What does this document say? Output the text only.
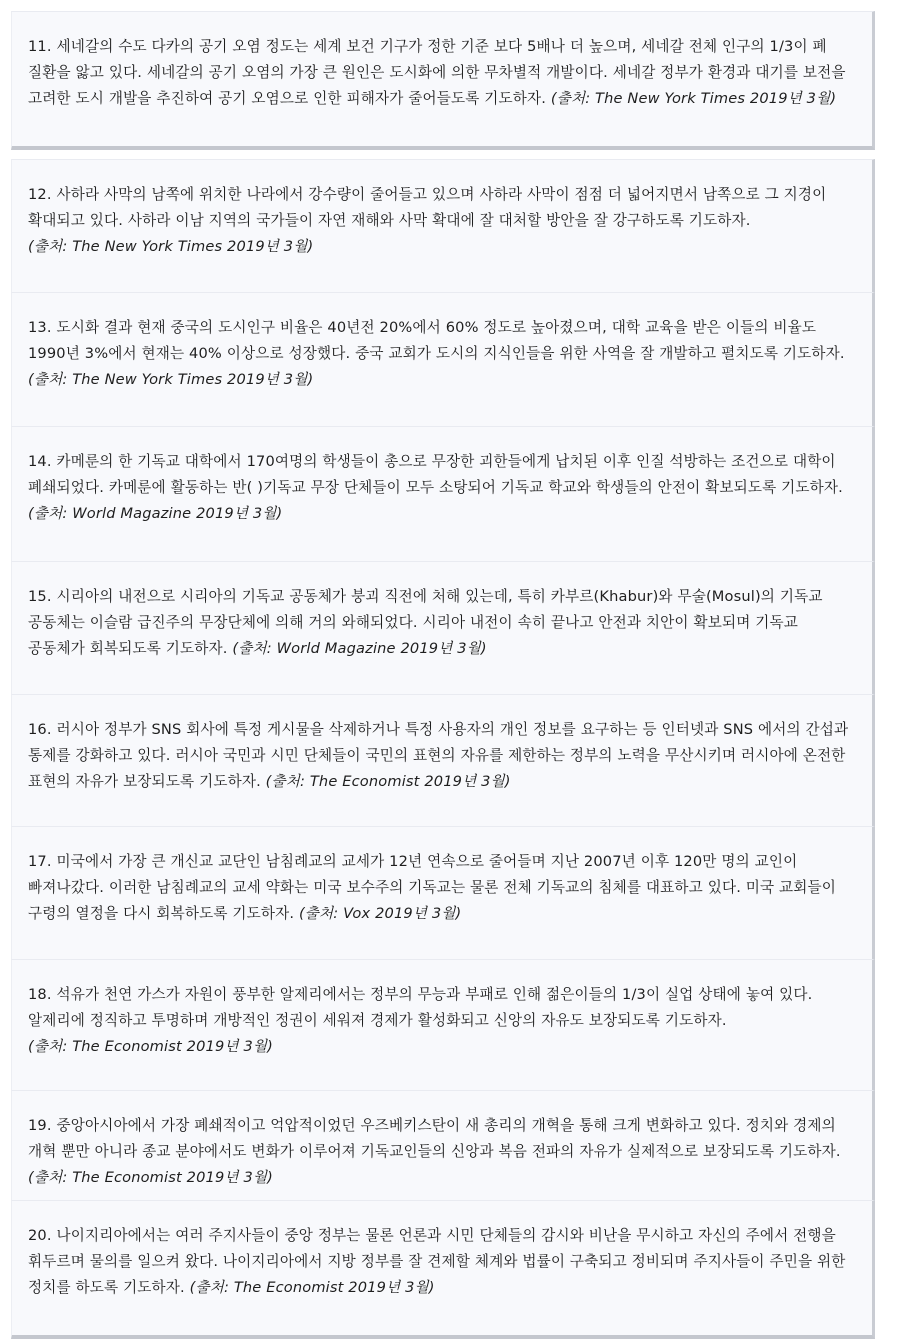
11. 세네갈의 수도 다카의 공기 오염 정도는 세계 보건 기구가 정한 기준 보다 5배나 더 높으며, 세네갈 전체 인구의 1/3이 폐 질환을 앓고 있다. 세네갈의 공기 오염의 가장 큰 원인은 도시화에 의한 무차별적 개발이다. 세네갈 정부가 환경과 대기를 보전을 고려한 도시 개발을 추진하여 공기 오염으로 인한 피해자가 줄어들도록 기도하자. (출처: The New York Times 2019년 3월)

12. 사하라 사막의 남쪽에 위치한 나라에서 강수량이 줄어들고 있으며 사하라 사막이 점점 더 넓어지면서 남쪽으로 그 지경이 확대되고 있다. 사하라 이남 지역의 국가들이 자연 재해와 사막 확대에 잘 대처할 방안을 잘 강구하도록 기도하자. (출처: The New York Times 2019년 3월)

13. 도시화 결과 현재 중국의 도시인구 비율은 40년전 20%에서 60% 정도로 높아졌으며, 대학 교육을 받은 이들의 비율도 1990년 3%에서 현재는 40% 이상으로 성장했다. 중국 교회가 도시의 지식인들을 위한 사역을 잘 개발하고 펼치도록 기도하자. (출처: The New York Times 2019년 3월)

14. 카메룬의 한 기독교 대학에서 170여명의 학생들이 총으로 무장한 괴한들에게 납치된 이후 인질 석방하는 조건으로 대학이 폐쇄되었다. 카메룬에 활동하는 반( )기독교 무장 단체들이 모두 소탕되어 기독교 학교와 학생들의 안전이 확보되도록 기도하자. (출처: World Magazine 2019년 3월)

15. 시리아의 내전으로 시리아의 기독교 공동체가 붕괴 직전에 처해 있는데, 특히 카부르(Khabur)와 무술(Mosul)의 기독교 공동체는 이슬람 급진주의 무장단체에 의해 거의 와해되었다. 시리아 내전이 속히 끝나고 안전과 치안이 확보되며 기독교 공동체가 회복되도록 기도하자. (출처: World Magazine 2019년 3월)

16. 러시아 정부가 SNS 회사에 특정 게시물을 삭제하거나 특정 사용자의 개인 정보를 요구하는 등 인터넷과 SNS 에서의 간섭과 통제를 강화하고 있다. 러시아 국민과 시민 단체들이 국민의 표현의 자유를 제한하는 정부의 노력을 무산시키며 러시아에 온전한 표현의 자유가 보장되도록 기도하자. (출처: The Economist 2019년 3월)

17. 미국에서 가장 큰 개신교 교단인 남침례교의 교세가 12년 연속으로 줄어들며 지난 2007년 이후 120만 명의 교인이 빠져나갔다. 이러한 남침례교의 교세 약화는 미국 보수주의 기독교는 물론 전체 기독교의 침체를 대표하고 있다. 미국 교회들이 구령의 열정을 다시 회복하도록 기도하자. (출처: Vox 2019년 3월)

18. 석유가 천연 가스가 자원이 풍부한 알제리에서는 정부의 무능과 부패로 인해 젊은이들의 1/3이 실업 상태에 놓여 있다. 알제리에 정직하고 투명하며 개방적인 정권이 세워져 경제가 활성화되고 신앙의 자유도 보장되도록 기도하자. (출처: The Economist 2019년 3월)

19. 중앙아시아에서 가장 폐쇄적이고 억압적이었던 우즈베키스탄이 새 총리의 개혁을 통해 크게 변화하고 있다. 정치와 경제의 개혁 뿐만 아니라 종교 분야에서도 변화가 이루어져 기독교인들의 신앙과 복음 전파의 자유가 실제적으로 보장되도록 기도하자. (출처: The Economist 2019년 3월)

20. 나이지리아에서는 여러 주지사들이 중앙 정부는 물론 언론과 시민 단체들의 감시와 비난을 무시하고 자신의 주에서 전행을 휘두르며 물의를 일으켜 왔다. 나이지리아에서 지방 정부를 잘 견제할 체계와 법률이 구축되고 정비되며 주지사들이 주민을 위한 정치를 하도록 기도하자. (출처: The Economist 2019년 3월)
